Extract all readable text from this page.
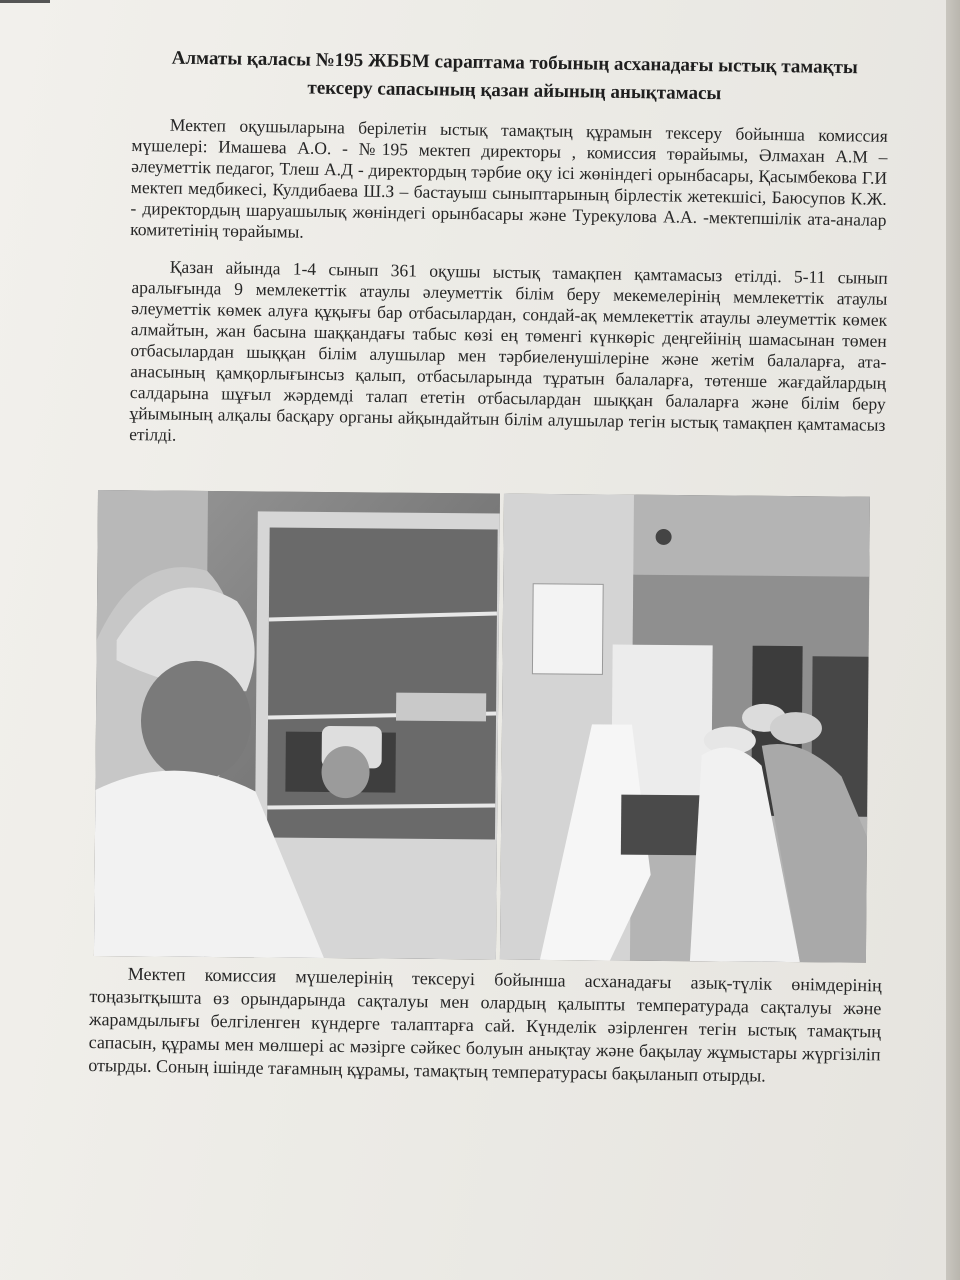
Алматы қаласы №195 ЖББМ сараптама тобының асханадағы ыстық тамақты
тексеру сапасының қазан айының анықтамасы

Мектеп оқушыларына берілетін ыстық тамақтың құрамын тексеру бойынша комиссия мүшелері: Имашева А.О. - №195 мектеп директоры , комиссия төрайымы, Әлмахан А.М – әлеуметтік педагог, Тлеш А.Д - директордың тәрбие оқу ісі жөніндегі орынбасары, Қасымбекова Г.И мектеп медбикесі, Кулдибаева Ш.З – бастауыш сыныптарының бірлестік жетекшісі, Баюсупов К.Ж. - директордың шаруашылық жөніндегі орынбасары және Турекулова А.А. -мектепшілік ата-аналар комитетінің төрайымы.

Қазан айында 1-4 сынып 361 оқушы ыстық тамақпен қамтамасыз етілді. 5-11 сынып аралығында 9 мемлекеттік атаулы әлеуметтік білім беру мекемелерінің мемлекеттік атаулы әлеуметтік көмек алуға құқығы бар отбасылардан, сондай-ақ мемлекеттік атаулы әлеуметтік көмек алмайтын, жан басына шаққандағы табыс көзі ең төменгі күнкөріс деңгейінің шамасынан төмен отбасылардан шыққан білім алушылар мен тәрбиеленушілеріне және жетім балаларға, ата-анасының қамқорлығынсыз қалып, отбасыларында тұратын балаларға, төтенше жағдайлардың салдарына шұғыл жәрдемді талап ететін отбасылардан шыққан балаларға және білім беру ұйымының алқалы басқару органы айқындайтын білім алушылар тегін ыстық тамақпен қамтамасыз етілді.

Мектеп комиссия мүшелерінің тексеруі бойынша асханадағы азық-түлік өнімдерінің тоңазытқышта өз орындарында сақталуы мен олардың қалыпты температурада сақталуы және жарамдылығы белгіленген күндерге талаптарға сай. Күнделік әзірленген тегін ыстық тамақтың сапасын, құрамы мен мөлшері ас мәзірге сәйкес болуын анықтау және бақылау жұмыстары жүргізіліп отырды. Соның ішінде тағамның құрамы, тамақтың температурасы бақыланып отырды.
